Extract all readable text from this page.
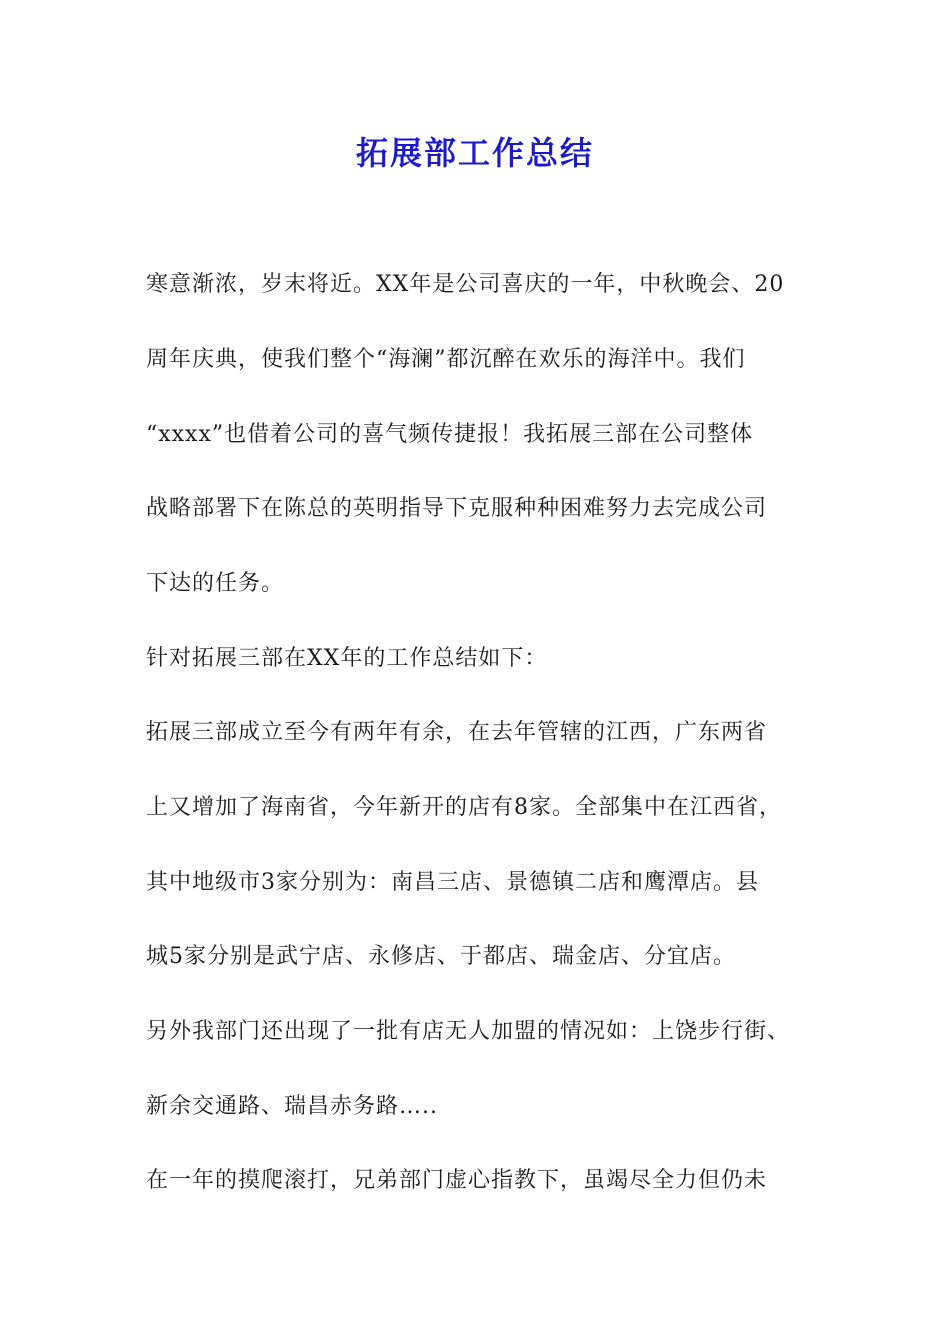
拓展部工作总结

寒意渐浓，岁末将近。XX年是公司喜庆的一年，中秋晚会、20

周年庆典，使我们整个“海澜”都沉醉在欢乐的海洋中。我们

“xxxx”也借着公司的喜气频传捷报！我拓展三部在公司整体

战略部署下在陈总的英明指导下克服种种困难努力去完成公司

下达的任务。

针对拓展三部在XX年的工作总结如下：

拓展三部成立至今有两年有余，在去年管辖的江西，广东两省

上又增加了海南省，今年新开的店有8家。全部集中在江西省，

其中地级市3家分别为：南昌三店、景德镇二店和鹰潭店。县

城5家分别是武宁店、永修店、于都店、瑞金店、分宜店。

另外我部门还出现了一批有店无人加盟的情况如：上饶步行街、

新余交通路、瑞昌赤务路…..

在一年的摸爬滚打，兄弟部门虚心指教下，虽竭尽全力但仍未
